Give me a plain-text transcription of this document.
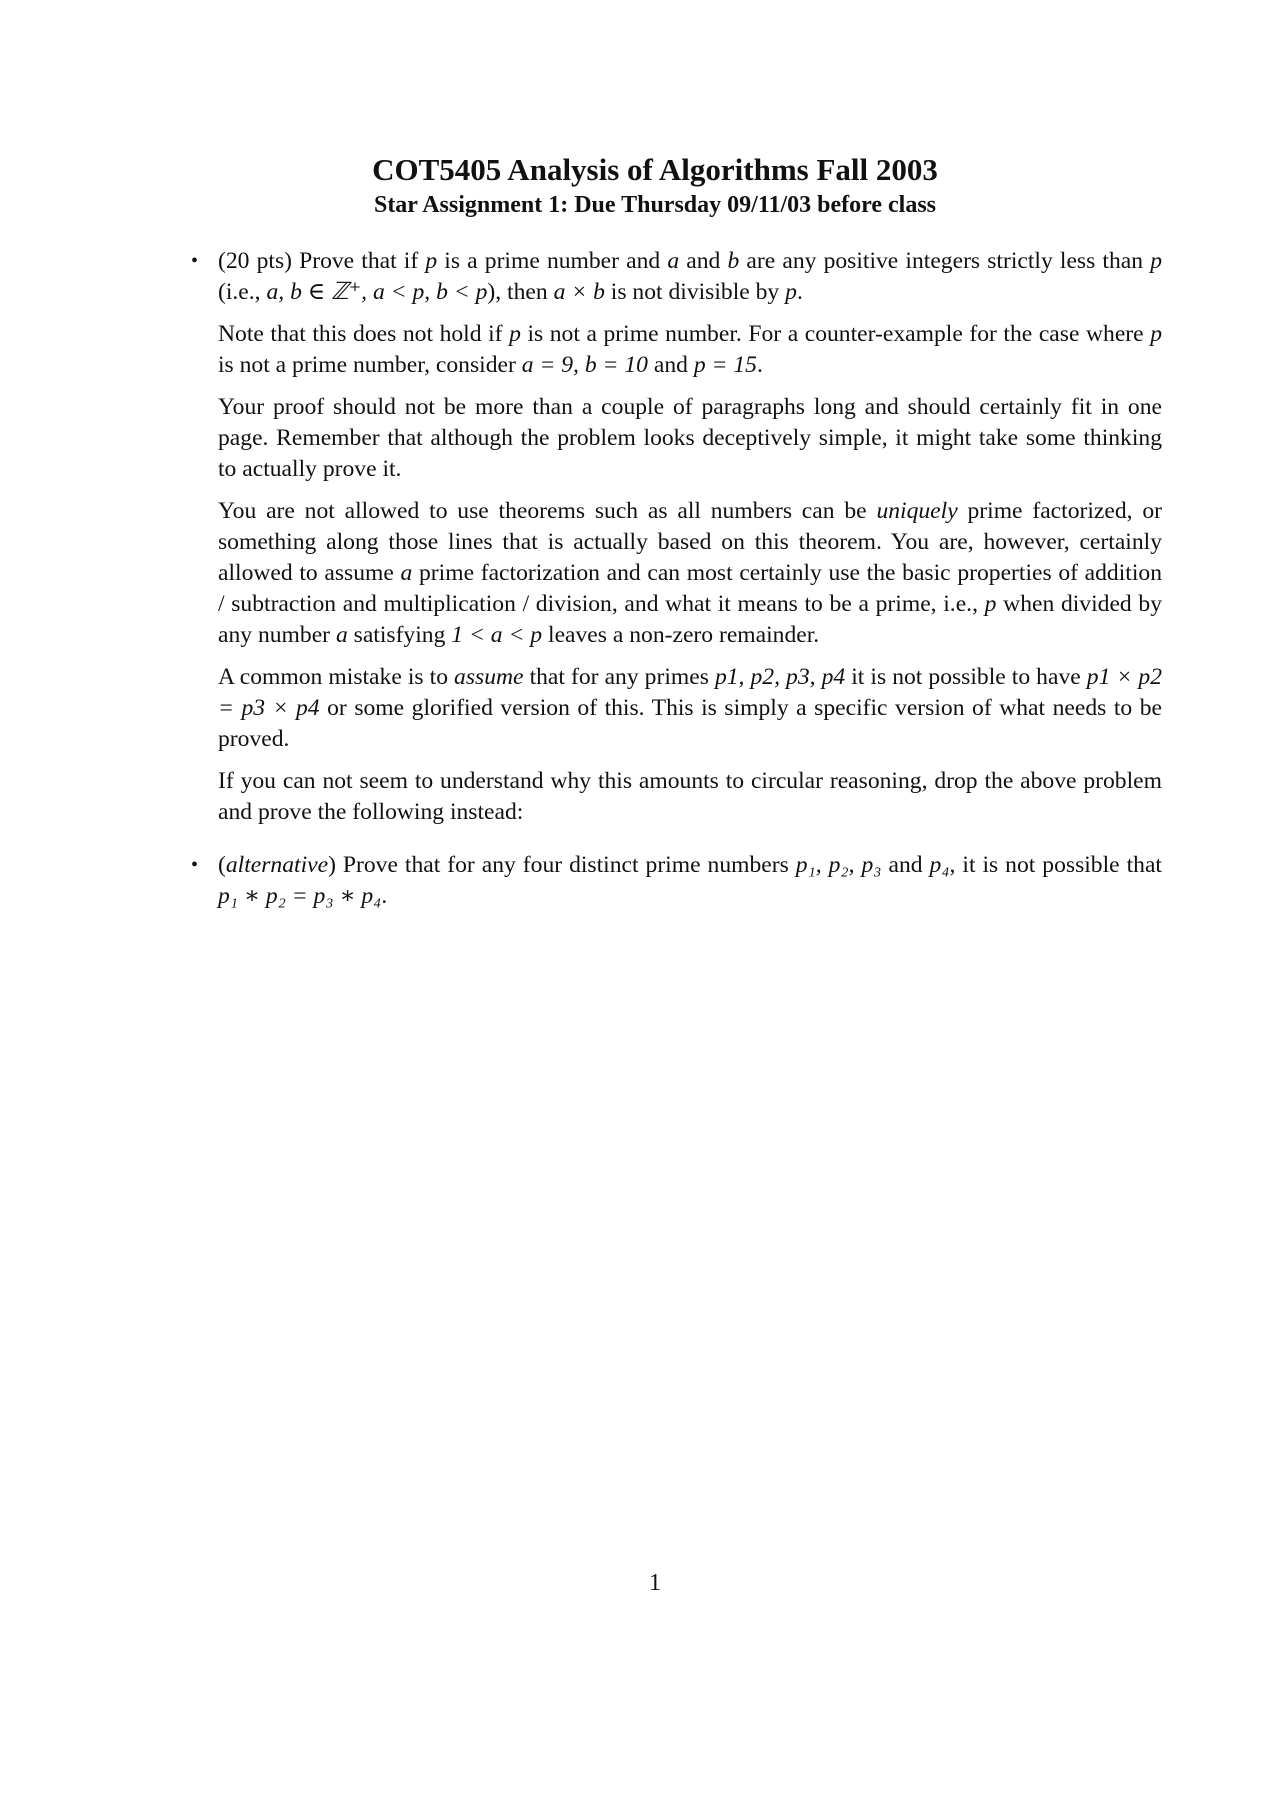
COT5405 Analysis of Algorithms Fall 2003

Star Assignment 1: Due Thursday 09/11/03 before class

• (20 pts) Prove that if p is a prime number and a and b are any positive integers strictly less than p (i.e., a, b ∈ ℤ⁺, a < p, b < p), then a × b is not divisible by p.

Note that this does not hold if p is not a prime number. For a counter-example for the case where p is not a prime number, consider a = 9, b = 10 and p = 15.

Your proof should not be more than a couple of paragraphs long and should certainly fit in one page. Remember that although the problem looks deceptively simple, it might take some thinking to actually prove it.

You are not allowed to use theorems such as all numbers can be uniquely prime factorized, or something along those lines that is actually based on this theorem. You are, however, certainly allowed to assume a prime factorization and can most certainly use the basic properties of addition / subtraction and multiplication / division, and what it means to be a prime, i.e., p when divided by any number a satisfying 1 < a < p leaves a non-zero remainder.

A common mistake is to assume that for any primes p1, p2, p3, p4 it is not possible to have p1 × p2 = p3 × p4 or some glorified version of this. This is simply a specific version of what needs to be proved.

If you can not seem to understand why this amounts to circular reasoning, drop the above problem and prove the following instead:

• (alternative) Prove that for any four distinct prime numbers p₁, p₂, p₃ and p₄, it is not possible that p₁ ∗ p₂ = p₃ ∗ p₄.

1
